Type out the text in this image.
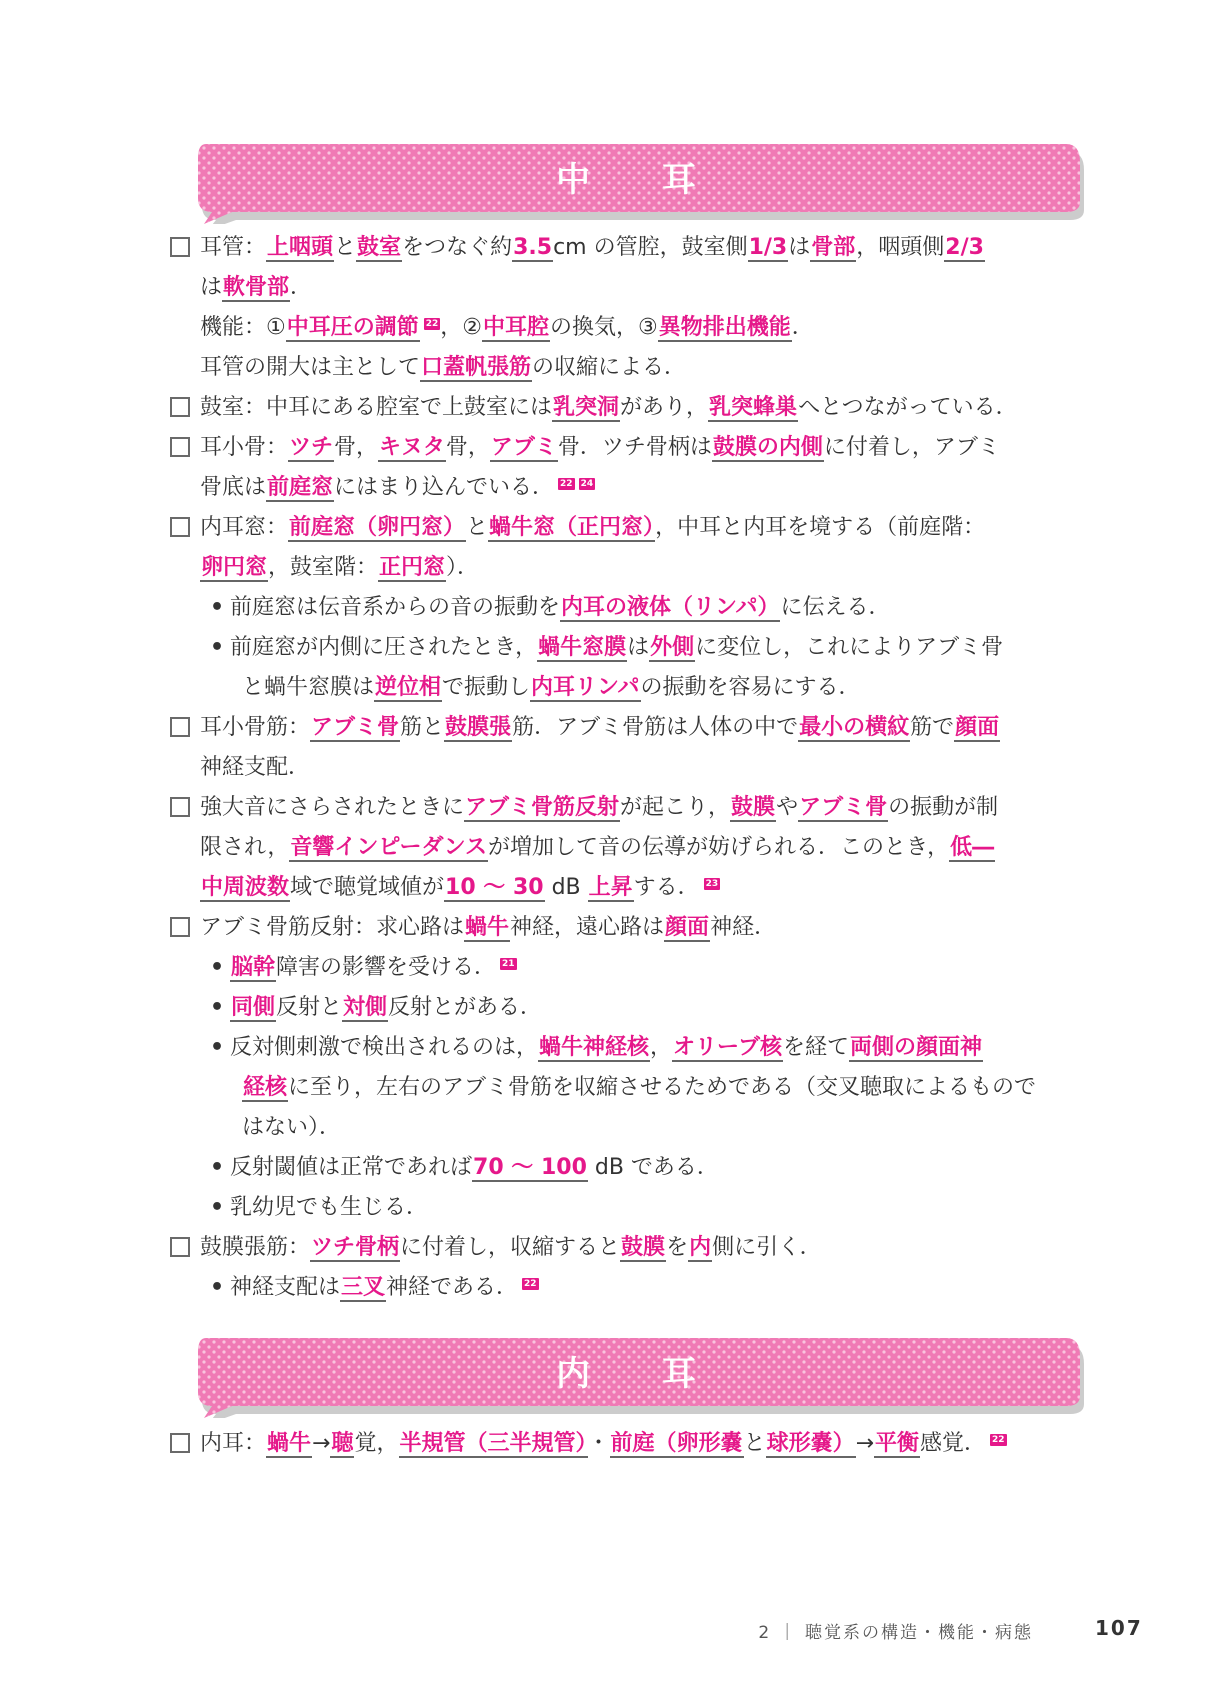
中 耳
耳管：上咽頭と鼓室をつなぐ約3.5cm の管腔，鼓室側1/3は骨部，咽頭側2/3
は軟骨部．
機能：①中耳圧の調節 22，②中耳腔の換気，③異物排出機能．
耳管の開大は主として口蓋帆張筋の収縮による．
鼓室：中耳にある腔室で上鼓室には乳突洞があり，乳突蜂巣へとつながっている．
耳小骨：ツチ骨，キヌタ骨，アブミ骨．ツチ骨柄は鼓膜の内側に付着し，アブミ
骨底は前庭窓にはまり込んでいる． 22 24
内耳窓：前庭窓（卵円窓）と蝸牛窓（正円窓），中耳と内耳を境する（前庭階：
卵円窓，鼓室階：正円窓）．
• 前庭窓は伝音系からの音の振動を内耳の液体（リンパ）に伝える．
• 前庭窓が内側に圧されたとき，蝸牛窓膜は外側に変位し，これによりアブミ骨
と蝸牛窓膜は逆位相で振動し内耳リンパの振動を容易にする．
耳小骨筋：アブミ骨筋と鼓膜張筋．アブミ骨筋は人体の中で最小の横紋筋で顔面
神経支配．
強大音にさらされたときにアブミ骨筋反射が起こり，鼓膜やアブミ骨の振動が制
限され，音響インピーダンスが増加して音の伝導が妨げられる．このとき，低―
中周波数域で聴覚域値が10 〜 30 dB 上昇する． 23
アブミ骨筋反射：求心路は蝸牛神経，遠心路は顔面神経．
• 脳幹障害の影響を受ける． 21
• 同側反射と対側反射とがある．
• 反対側刺激で検出されるのは，蝸牛神経核，オリーブ核を経て両側の顔面神
経核に至り，左右のアブミ骨筋を収縮させるためである（交叉聴取によるもので
はない）．
• 反射閾値は正常であれば70 〜 100 dB である．
• 乳幼児でも生じる．
鼓膜張筋：ツチ骨柄に付着し，収縮すると鼓膜を内側に引く．
• 神経支配は三叉神経である． 22
内 耳
内耳：蝸牛→聴覚，半規管（三半規管）・前庭（卵形嚢と球形嚢）→平衡感覚． 22
2 ｜ 聴覚系の構造・機能・病態	107
